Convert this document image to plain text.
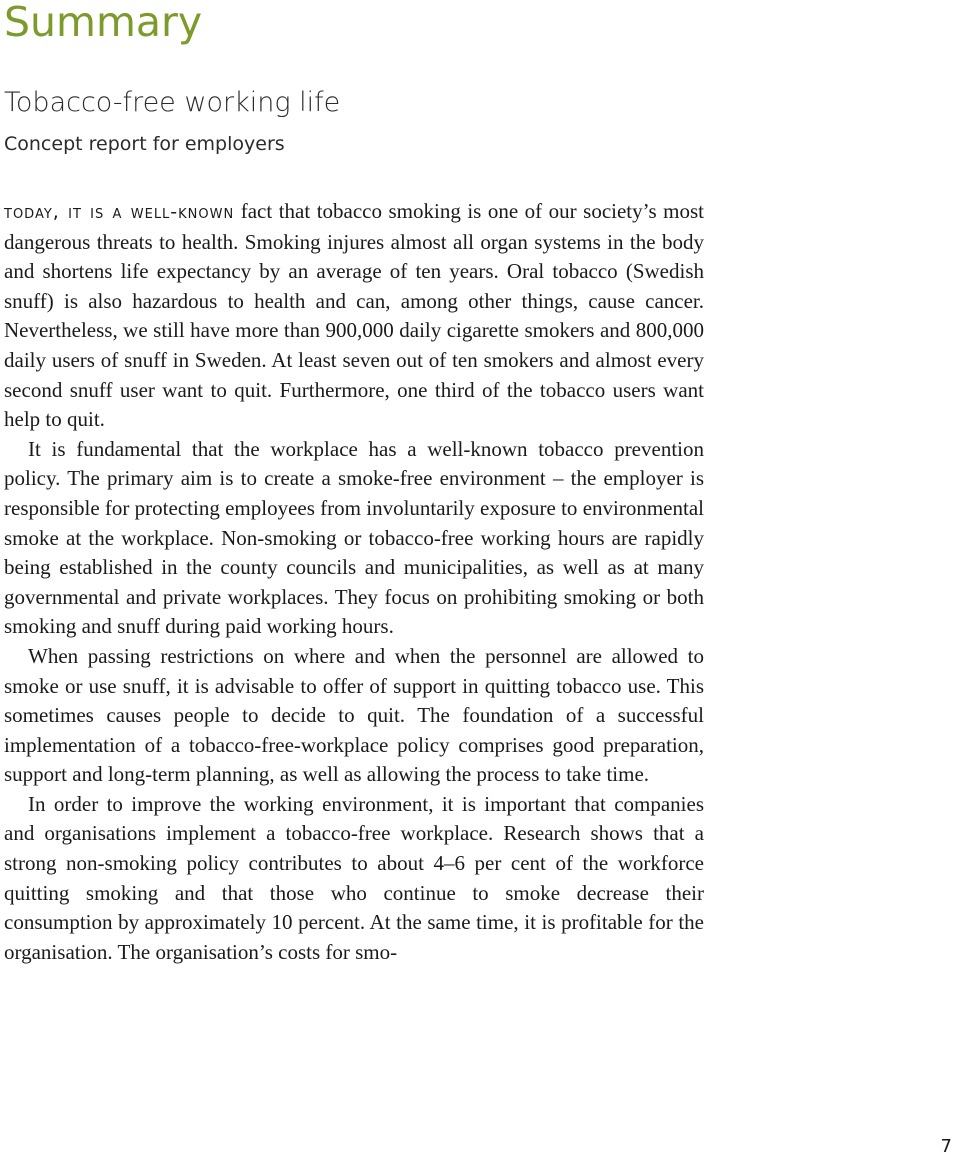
Summary
Tobacco-free working life
Concept report for employers

today, it is a well-known fact that tobacco smoking is one of our society’s most dangerous threats to health. Smoking injures almost all organ systems in the body and shortens life expectancy by an average of ten years. Oral tobacco (Swedish snuff) is also hazardous to health and can, among other things, cause cancer. Nevertheless, we still have more than 900,000 daily cigarette smokers and 800,000 daily users of snuff in Sweden. At least seven out of ten smokers and almost every second snuff user want to quit. Furthermore, one third of the tobacco users want help to quit.

It is fundamental that the workplace has a well-known tobacco prevention policy. The primary aim is to create a smoke-free environment – the employer is responsible for protecting employees from involuntarily exposure to environmental smoke at the workplace. Non-smoking or tobacco-free working hours are rapidly being established in the county councils and municipalities, as well as at many governmental and private workplaces. They focus on prohibiting smoking or both smoking and snuff during paid working hours.

When passing restrictions on where and when the personnel are allowed to smoke or use snuff, it is advisable to offer of support in quitting tobacco use. This sometimes causes people to decide to quit. The foundation of a successful implementation of a tobacco-free-workplace policy comprises good preparation, support and long-term planning, as well as allowing the process to take time.

In order to improve the working environment, it is important that companies and organisations implement a tobacco-free workplace. Research shows that a strong non-smoking policy contributes to about 4–6 per cent of the workforce quitting smoking and that those who continue to smoke decrease their consumption by approximately 10 percent. At the same time, it is profitable for the organisation. The organisation’s costs for smo-

7
